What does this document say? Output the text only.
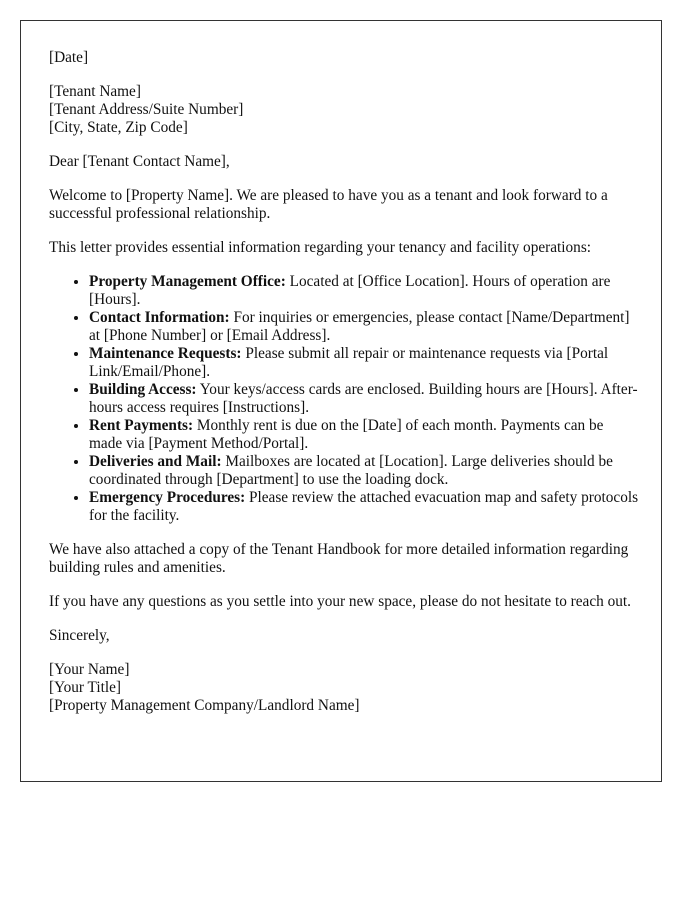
[Date]

[Tenant Name]
[Tenant Address/Suite Number]
[City, State, Zip Code]

Dear [Tenant Contact Name],

Welcome to [Property Name]. We are pleased to have you as a tenant and look forward to a successful professional relationship.

This letter provides essential information regarding your tenancy and facility operations:

• Property Management Office: Located at [Office Location]. Hours of operation are [Hours].
• Contact Information: For inquiries or emergencies, please contact [Name/Department] at [Phone Number] or [Email Address].
• Maintenance Requests: Please submit all repair or maintenance requests via [Portal Link/Email/Phone].
• Building Access: Your keys/access cards are enclosed. Building hours are [Hours]. After-hours access requires [Instructions].
• Rent Payments: Monthly rent is due on the [Date] of each month. Payments can be made via [Payment Method/Portal].
• Deliveries and Mail: Mailboxes are located at [Location]. Large deliveries should be coordinated through [Department] to use the loading dock.
• Emergency Procedures: Please review the attached evacuation map and safety protocols for the facility.

We have also attached a copy of the Tenant Handbook for more detailed information regarding building rules and amenities.

If you have any questions as you settle into your new space, please do not hesitate to reach out.

Sincerely,

[Your Name]
[Your Title]
[Property Management Company/Landlord Name]
